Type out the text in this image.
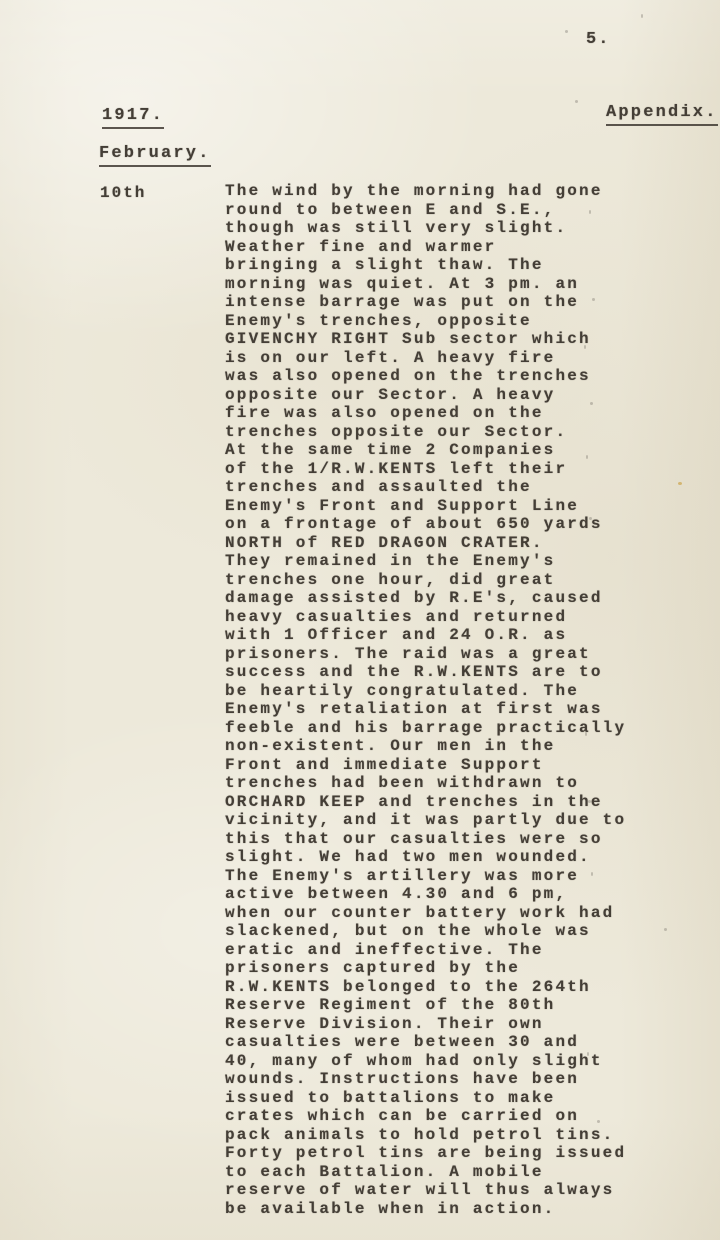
5.
1917.	Appendix.
February.
10th	The wind by the morning had gone
round to between E and S.E.,
though was still very slight.
Weather fine and warmer
bringing a slight thaw. The
morning was quiet. At 3 pm. an
intense barrage was put on the
Enemy's trenches, opposite
GIVENCHY RIGHT Sub sector which
is on our left. A heavy fire
was also opened on the trenches
opposite our Sector. A heavy
fire was also opened on the
trenches opposite our Sector.
At the same time 2 Companies
of the 1/R.W.KENTS left their
trenches and assaulted the
Enemy's Front and Support Line
on a frontage of about 650 yards
NORTH of RED DRAGON CRATER.
They remained in the Enemy's
trenches one hour, did great
damage assisted by R.E's, caused
heavy casualties and returned
with 1 Officer and 24 O.R. as
prisoners. The raid was a great
success and the R.W.KENTS are to
be heartily congratulated. The
Enemy's retaliation at first was
feeble and his barrage practically
non-existent. Our men in the
Front and immediate Support
trenches had been withdrawn to
ORCHARD KEEP and trenches in the
vicinity, and it was partly due to
this that our casualties were so
slight. We had two men wounded.
The Enemy's artillery was more
active between 4.30 and 6 pm,
when our counter battery work had
slackened, but on the whole was
eratic and ineffective. The
prisoners captured by the
R.W.KENTS belonged to the 264th
Reserve Regiment of the 80th
Reserve Division. Their own
casualties were between 30 and
40, many of whom had only slight
wounds. Instructions have been
issued to battalions to make
crates which can be carried on
pack animals to hold petrol tins.
Forty petrol tins are being issued
to each Battalion. A mobile
reserve of water will thus always
be available when in action.
